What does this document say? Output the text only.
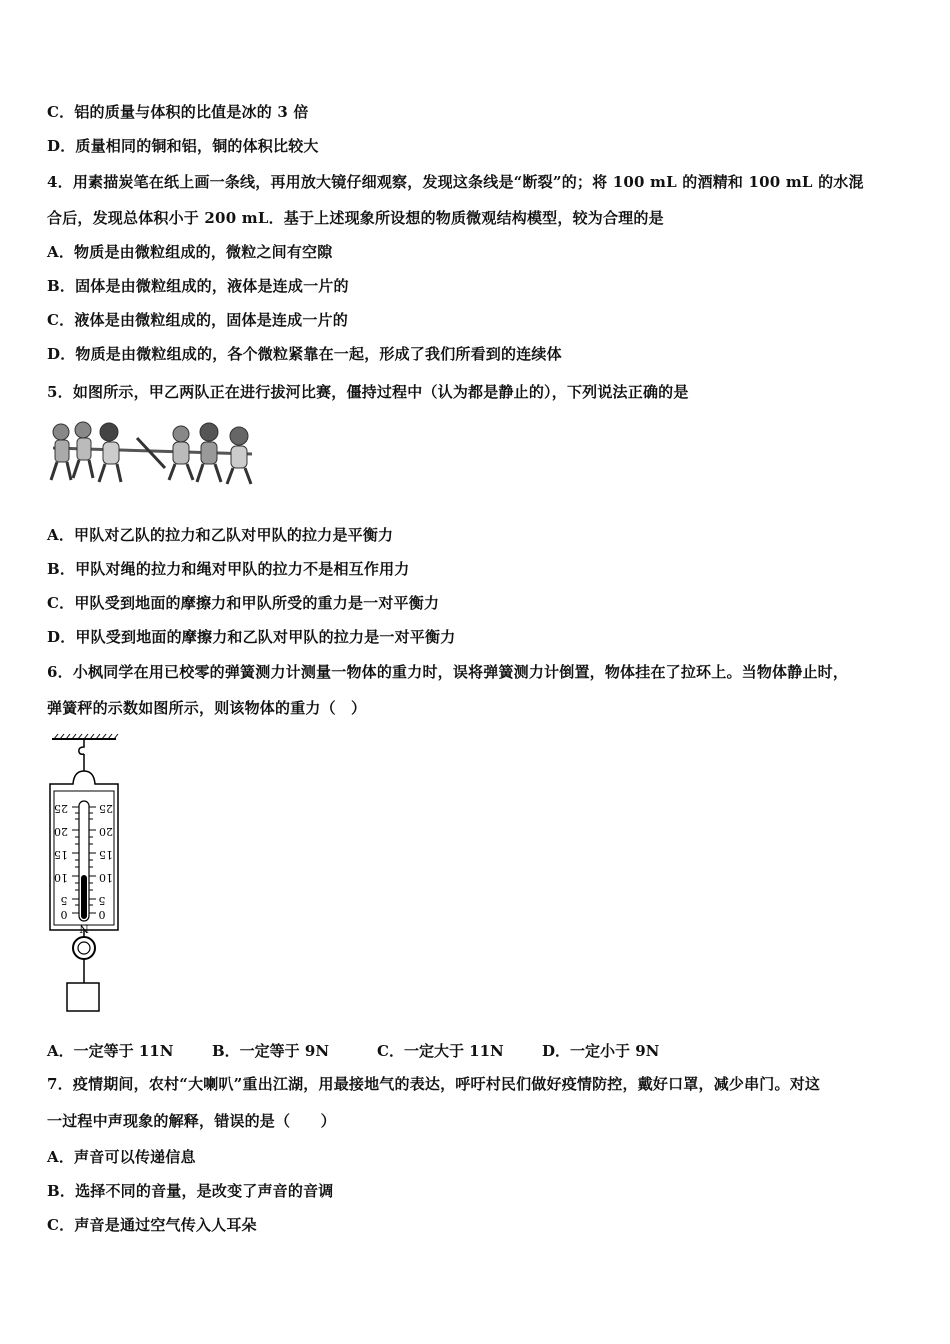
C．铝的质量与体积的比值是冰的 3 倍
D．质量相同的铜和铝，铜的体积比较大
4．用素描炭笔在纸上画一条线，再用放大镜仔细观察，发现这条线是“断裂”的；将 100 mL 的酒精和 100 mL 的水混
合后，发现总体积小于 200 mL．基于上述现象所设想的物质微观结构模型，较为合理的是
A．物质是由微粒组成的，微粒之间有空隙
B．固体是由微粒组成的，液体是连成一片的
C．液体是由微粒组成的，固体是连成一片的
D．物质是由微粒组成的，各个微粒紧靠在一起，形成了我们所看到的连续体
5．如图所示，甲乙两队正在进行拔河比赛，僵持过程中（认为都是静止的），下列说法正确的是
A．甲队对乙队的拉力和乙队对甲队的拉力是平衡力
B．甲队对绳的拉力和绳对甲队的拉力不是相互作用力
C．甲队受到地面的摩擦力和甲队所受的重力是一对平衡力
D．甲队受到地面的摩擦力和乙队对甲队的拉力是一对平衡力
6．小枫同学在用已校零的弹簧测力计测量一物体的重力时，误将弹簧测力计倒置，物体挂在了拉环上。当物体静止时，
弹簧秤的示数如图所示，则该物体的重力（　）
25
20
15
10
5
0
25
20
15
10
5
0
N
A．一定等于 11N	B．一定等于 9N	C．一定大于 11N	D．一定小于 9N
7．疫情期间，农村“大喇叭”重出江湖，用最接地气的表达，呼吁村民们做好疫情防控，戴好口罩，减少串门。对这
一过程中声现象的解释，错误的是（　　）
A．声音可以传递信息
B．选择不同的音量，是改变了声音的音调
C．声音是通过空气传入人耳朵
